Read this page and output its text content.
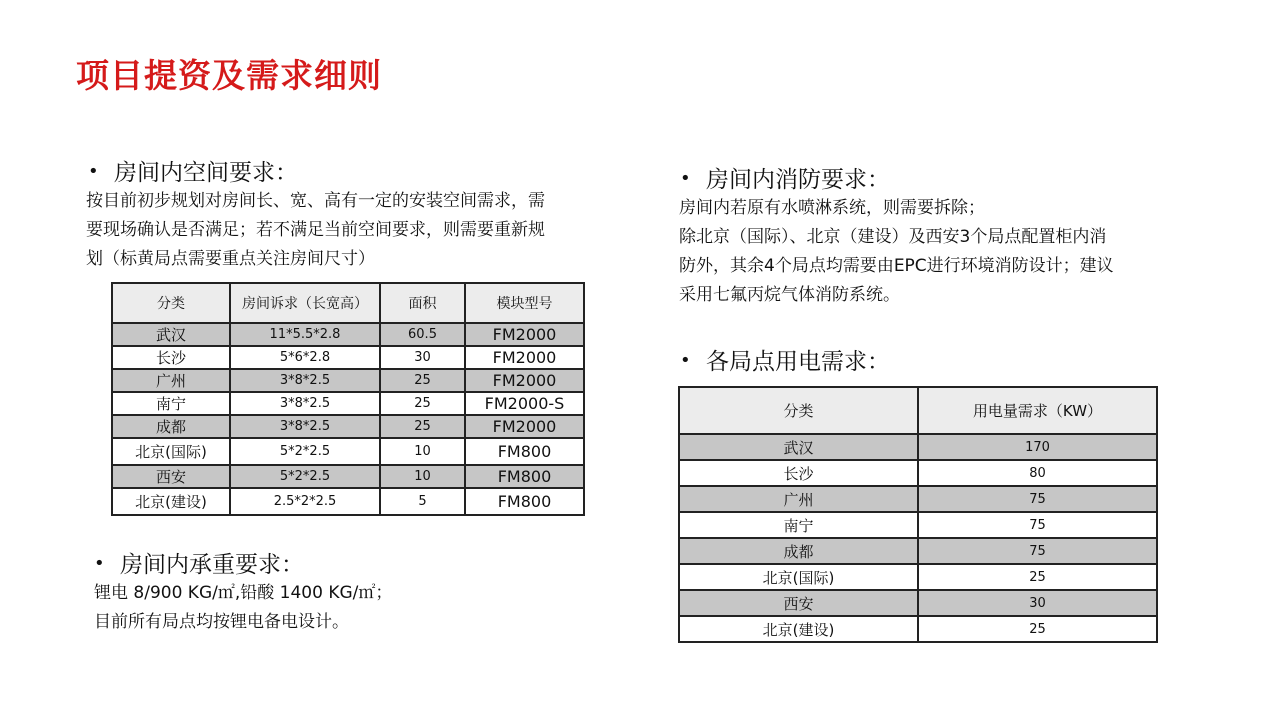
项目提资及需求细则
• 房间内空间要求：
按目前初步规划对房间长、宽、高有一定的安装空间需求，需
要现场确认是否满足；若不满足当前空间要求，则需要重新规
划（标黄局点需要重点关注房间尺寸）
分类	房间诉求（长宽高）	面积	模块型号
武汉	11*5.5*2.8	60.5	FM2000
长沙	5*6*2.8	30	FM2000
广州	3*8*2.5	25	FM2000
南宁	3*8*2.5	25	FM2000-S
成都	3*8*2.5	25	FM2000
北京(国际)	5*2*2.5	10	FM800
西安	5*2*2.5	10	FM800
北京(建设)	2.5*2*2.5	5	FM800
• 房间内承重要求：
锂电 8/900 KG/㎡,铅酸 1400 KG/㎡；
目前所有局点均按锂电备电设计。
• 房间内消防要求：
房间内若原有水喷淋系统，则需要拆除；
除北京（国际）、北京（建设）及西安3个局点配置柜内消
防外，其余4个局点均需要由EPC进行环境消防设计；建议
采用七氟丙烷气体消防系统。
• 各局点用电需求：
分类	用电量需求（KW）
武汉	170
长沙	80
广州	75
南宁	75
成都	75
北京(国际)	25
西安	30
北京(建设)	25
